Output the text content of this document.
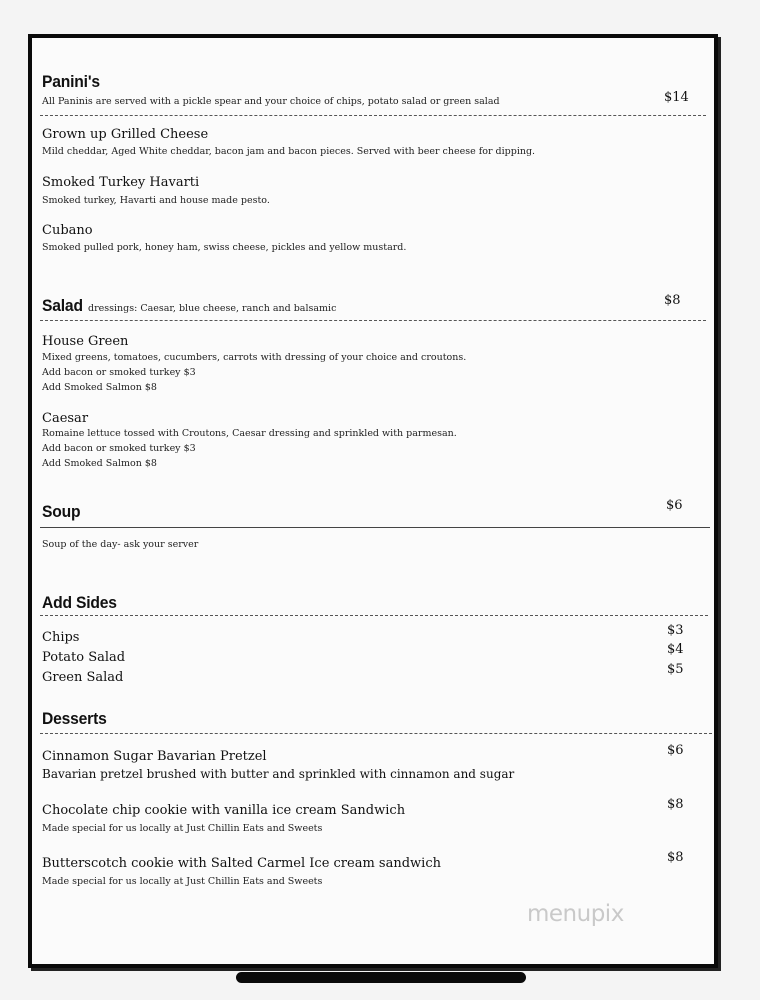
Panini's
All Paninis are served with a pickle spear and your choice of chips, potato salad or green salad	$14
Grown up Grilled Cheese
Mild cheddar, Aged White cheddar, bacon jam and bacon pieces. Served with beer cheese for dipping.
Smoked Turkey Havarti
Smoked turkey, Havarti and house made pesto.
Cubano
Smoked pulled pork, honey ham, swiss cheese, pickles and yellow mustard.
Salad dressings: Caesar, blue cheese, ranch and balsamic
$8
House Green
Mixed greens, tomatoes, cucumbers, carrots with dressing of your choice and croutons.
Add bacon or smoked turkey $3
Add Smoked Salmon $8
Caesar
Romaine lettuce tossed with Croutons, Caesar dressing and sprinkled with parmesan.
Add bacon or smoked turkey $3
Add Smoked Salmon $8
Soup	$6
Soup of the day- ask your server
Add Sides
Chips
Potato Salad
Green Salad
$3
$4
$5
Desserts
Cinnamon Sugar Bavarian Pretzel
Bavarian pretzel brushed with butter and sprinkled with cinnamon and sugar
$6
Chocolate chip cookie with vanilla ice cream Sandwich
Made special for us locally at Just Chillin Eats and Sweets
$8
Butterscotch cookie with Salted Carmel Ice cream sandwich
Made special for us locally at Just Chillin Eats and Sweets
$8
menupix
